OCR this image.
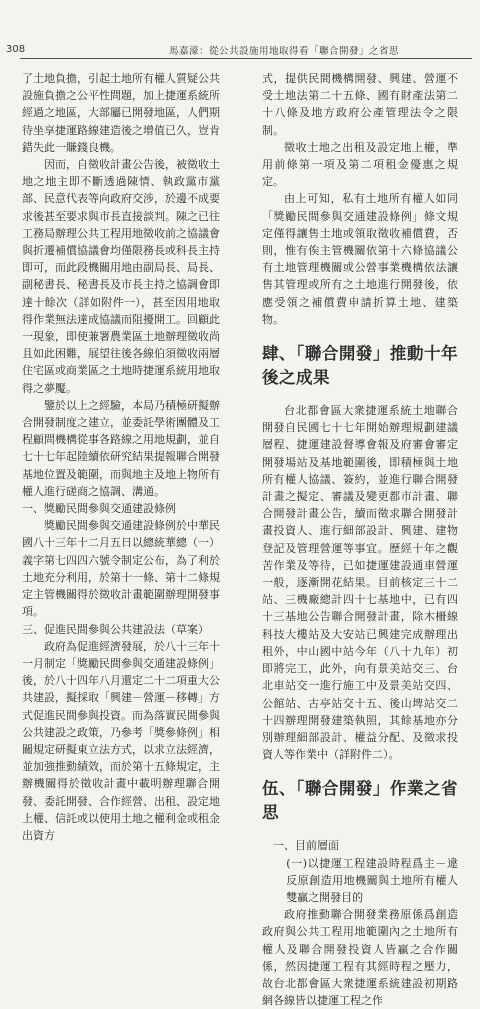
308	馬嘉濠：從公共設施用地取得看「聯合開發」之省思

了土地負擔，引起土地所有權人質疑公共設施負擔之公平性問題，加上捷運系統所經過之地區，大部屬已開發地區，人們期待坐享捷運路線建造後之增值已久，豈肯錯失此一賺錢良機。

因而，自徵收計畫公告後，被徵收土地之地主即不斷透過陳情、執政黨市黨部、民意代表等向政府交涉，於邊不成要求後甚至要求與市長直接談判。陳之已往工務局辦理公共工程用地徵收前之協議會與折遷補償協議會均僅限務長或科長主持即可，而此段機關用地由副局長、局長、副秘書長、秘書長及市長主持之協調會即達十餘次（詳如附件一），甚至因用地取得作業無法達成協議而阻擾開工。回顧此一現象，即使兼署農業區土地辦理徵收尚且如此困難，展望往後各線伯須徵收兩層住宅區或商業區之土地時捷運系統用地取得之夢魘。

鑒於以上之經驗，本局乃積極研擬辦合開發制度之建立，並委託學術團體及工程顧問機構從事各路線之用地規劃，並自七十七年起陸續依研究結果提報聯合開發基地位置及範圍，而與地主及地上物所有權人進行磋商之協調、溝通。

一、獎勵民間參與交通建設條例

獎勵民間參與交通建設條例於中華民國八十三年十二月五日以總統華總（一）義字第七四四六號令制定公布，為了利於土地充分利用，於第十一條、第十二條規定主管機關得於徵收計畫範圍辦理開發事項。

三、促進民間參與公共建設法（草案）

政府為促進經濟發展，於八十三年十一月制定「獎勵民間參與交通建設條例」後，於八十四年八月還定二十二項重大公共建設，擬採取「興建－營運－移轉」方式促進民間參與投資。而為落實民間參與公共建設之政策，乃參考「獎參條例」相關規定研擬東立法方式，以求立法經濟，並加強推動績效，而於第十五條規定，主辦機關得於徵收計畫中載明辦理聯合開發、委託開發、合作經營、出租、設定地上權、信託或以使用土地之權利金或租金出資方

式，提供民間機構開發、興建、營運不受土地法第二十五條、國有財產法第二十八條及地方政府公產管理法令之限制。

徵收土地之出租及設定地上權，準用前條第一項及第二項租金優惠之規定。

由上可知，私有土地所有權人如同「獎勵民間參與交通建設條例」條文規定僅得讓售土地或領取徵收補償費，否則，惟有俟主管機關依第十六條協議公有土地管理機關或公營事業機構依法讓售其管理或所有之土地進行開發後，依應受領之補償費申請折算土地、建築物。

肆、「聯合開發」推動十年後之成果

台北都會區大衆捷運系統土地聯合開發自民國七十七年開始辦理規劃建議層程、捷運建設督導會報及府審會審定開發場站及基地範圍後，即積極與土地所有權人協議、簽約，並進行聯合開發計畫之擬定、審議及變更都市計畫、聯合開發計畫公告，續而徵求聯合開發計畫投資人、進行細部設計、興建、建物登記及管理營運等事宜。歷經十年之觀苦作業及等待，已如捷運建設通車營運一般，逐漸開花結果。目前核定三十二站、三機廠總計四十七基地中，已有四十三基地公告聯合開發計畫，除木柵線科技大樓站及大安站已興建完成辦理出租外，中山國中站今年（八十九年）初即將完工，此外，向有景美站交三、台北車站交一進行施工中及景美站交四、公館站、古亭站交十五、後山埤站交二十四辦理開發建築執照，其餘基地亦分別辦理細部設計、權益分配、及徵求投資人等作業中（詳附件二）。

伍、「聯合開發」作業之省思

一、目前層面

(一)以捷運工程建設時程爲主－違反原創造用地機關與土地所有權人雙贏之開發目的

政府推動聯合開發業務原係爲創造政府與公共工程用地範圍內之土地所有權人及聯合開發投資人皆贏之合作關係，然因捷運工程有其經時程之壓力，故台北都會區大衆捷運系統建設初期路網各線皆以捷運工程之作
